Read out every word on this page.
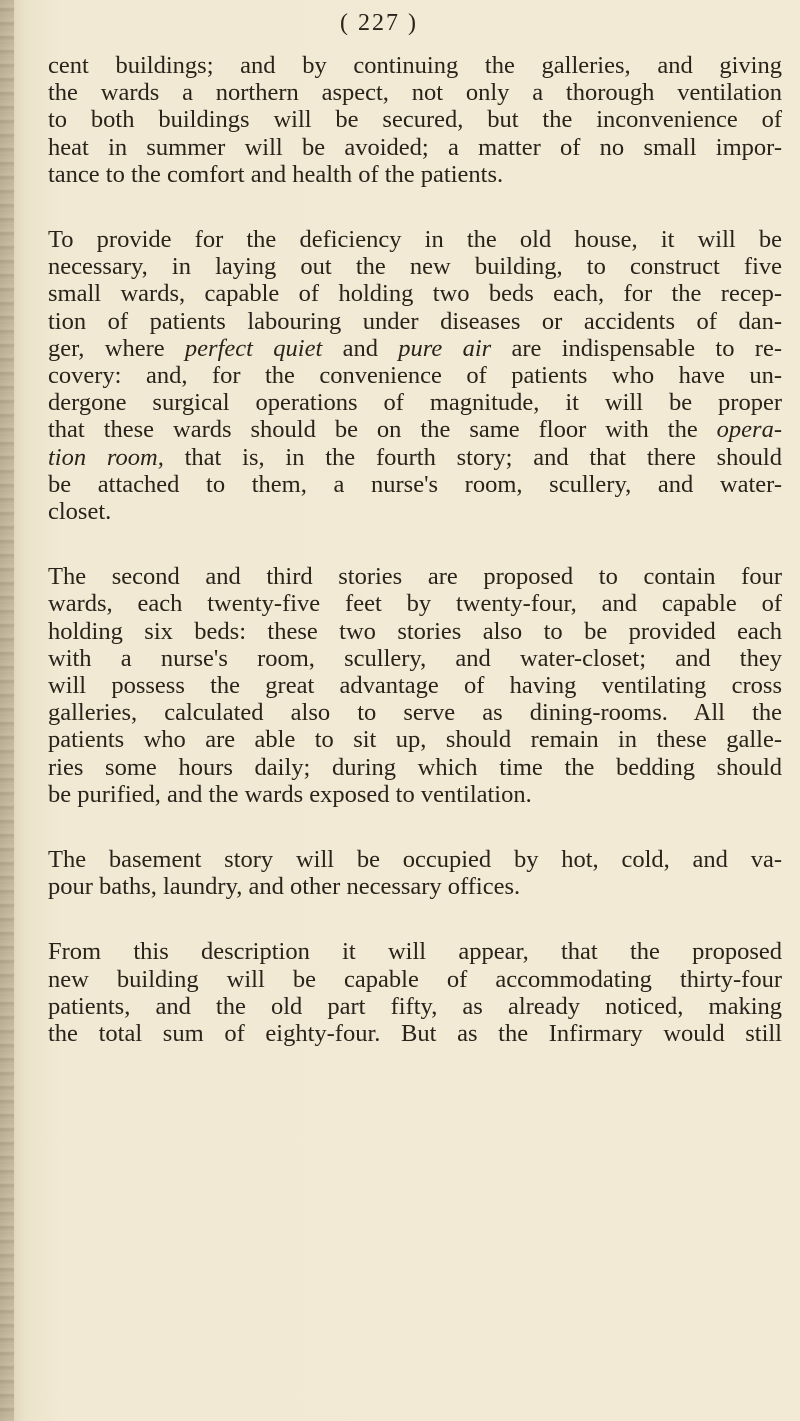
( 227 )

cent buildings; and by continuing the galleries, and giving

the wards a northern aspect, not only a thorough ventilation

to both buildings will be secured, but the inconvenience of

heat in summer will be avoided; a matter of no small impor-

tance to the comfort and health of the patients.

To provide for the deficiency in the old house, it will be

necessary, in laying out the new building, to construct five

small wards, capable of holding two beds each, for the recep-

tion of patients labouring under diseases or accidents of dan-

ger, where perfect quiet and pure air are indispensable to re-

covery: and, for the convenience of patients who have un-

dergone surgical operations of magnitude, it will be proper

that these wards should be on the same floor with the opera-

tion room, that is, in the fourth story; and that there should

be attached to them, a nurse's room, scullery, and water-

closet.

The second and third stories are proposed to contain four

wards, each twenty-five feet by twenty-four, and capable of

holding six beds: these two stories also to be provided each

with a nurse's room, scullery, and water-closet; and they

will possess the great advantage of having ventilating cross

galleries, calculated also to serve as dining-rooms. All the

patients who are able to sit up, should remain in these galle-

ries some hours daily; during which time the bedding should

be purified, and the wards exposed to ventilation.

The basement story will be occupied by hot, cold, and va-

pour baths, laundry, and other necessary offices.

From this description it will appear, that the proposed

new building will be capable of accommodating thirty-four

patients, and the old part fifty, as already noticed, making

the total sum of eighty-four. But as the Infirmary would still
